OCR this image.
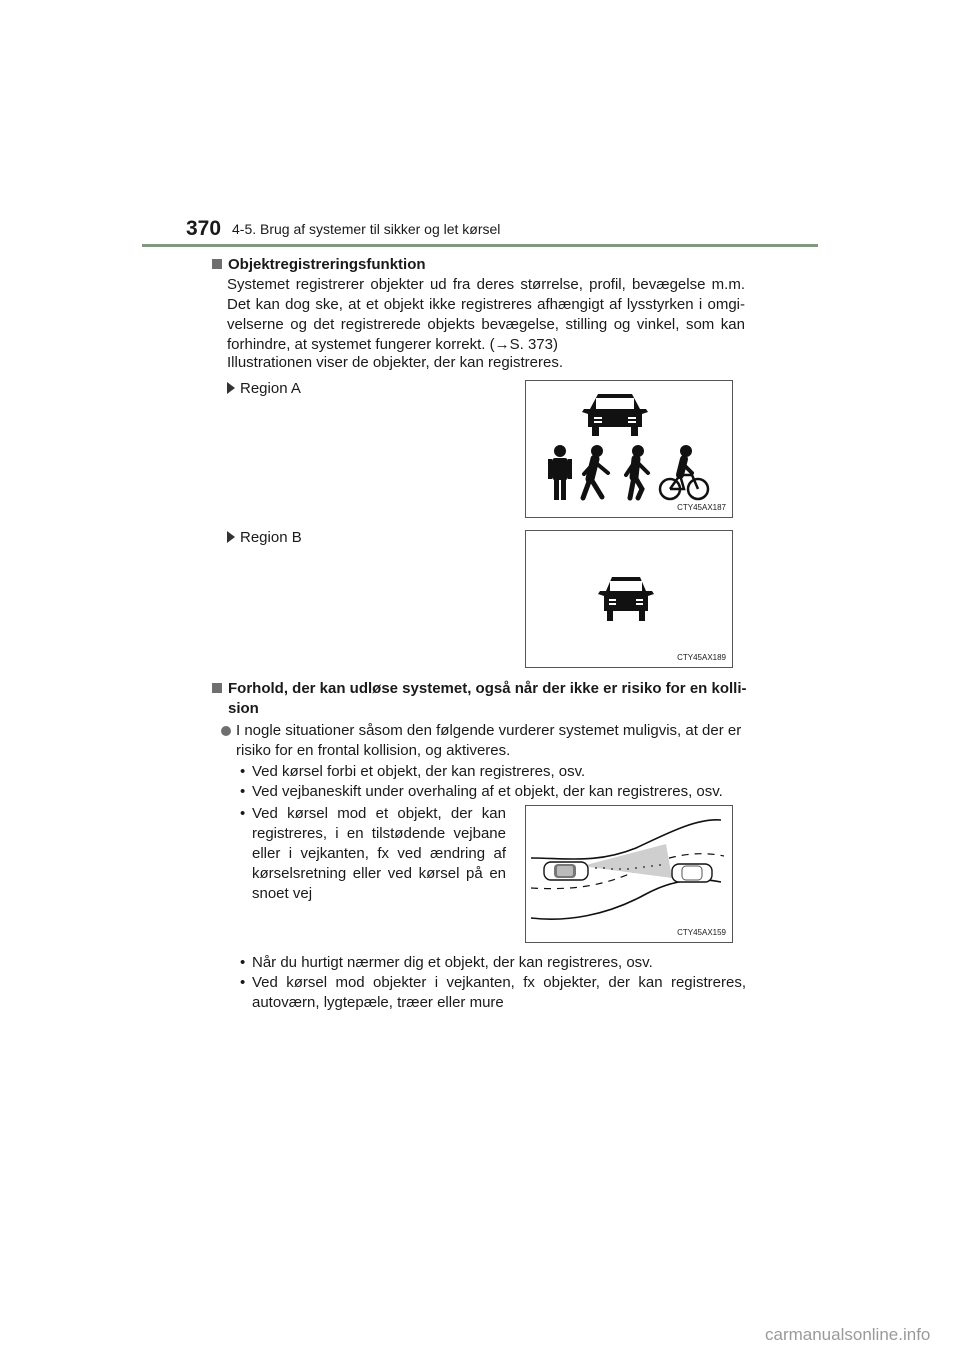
370 4-5. Brug af systemer til sikker og let kørsel
Objektregistreringsfunktion
Systemet registrerer objekter ud fra deres størrelse, profil, bevægelse m.m. Det kan dog ske, at et objekt ikke registreres afhængigt af lysstyrken i omgi-velserne og det registrerede objekts bevægelse, stilling og vinkel, som kan forhindre, at systemet fungerer korrekt. (→S. 373)
Illustrationen viser de objekter, der kan registreres.
Region A
CTY45AX187
Region B
CTY45AX189
Forhold, der kan udløse systemet, også når der ikke er risiko for en kolli-
sion
I nogle situationer såsom den følgende vurderer systemet muligvis, at der er risiko for en frontal kollision, og aktiveres.
• Ved kørsel forbi et objekt, der kan registreres, osv.
• Ved vejbaneskift under overhaling af et objekt, der kan registreres, osv.
• Ved kørsel mod et objekt, der kan registreres, i en tilstødende vejbane eller i vejkanten, fx ved ændring af kørselsretning eller ved kørsel på en snoet vej
CTY45AX159
• Når du hurtigt nærmer dig et objekt, der kan registreres, osv.
• Ved kørsel mod objekter i vejkanten, fx objekter, der kan registreres, autoværn, lygtepæle, træer eller mure
carmanualsonline.info
